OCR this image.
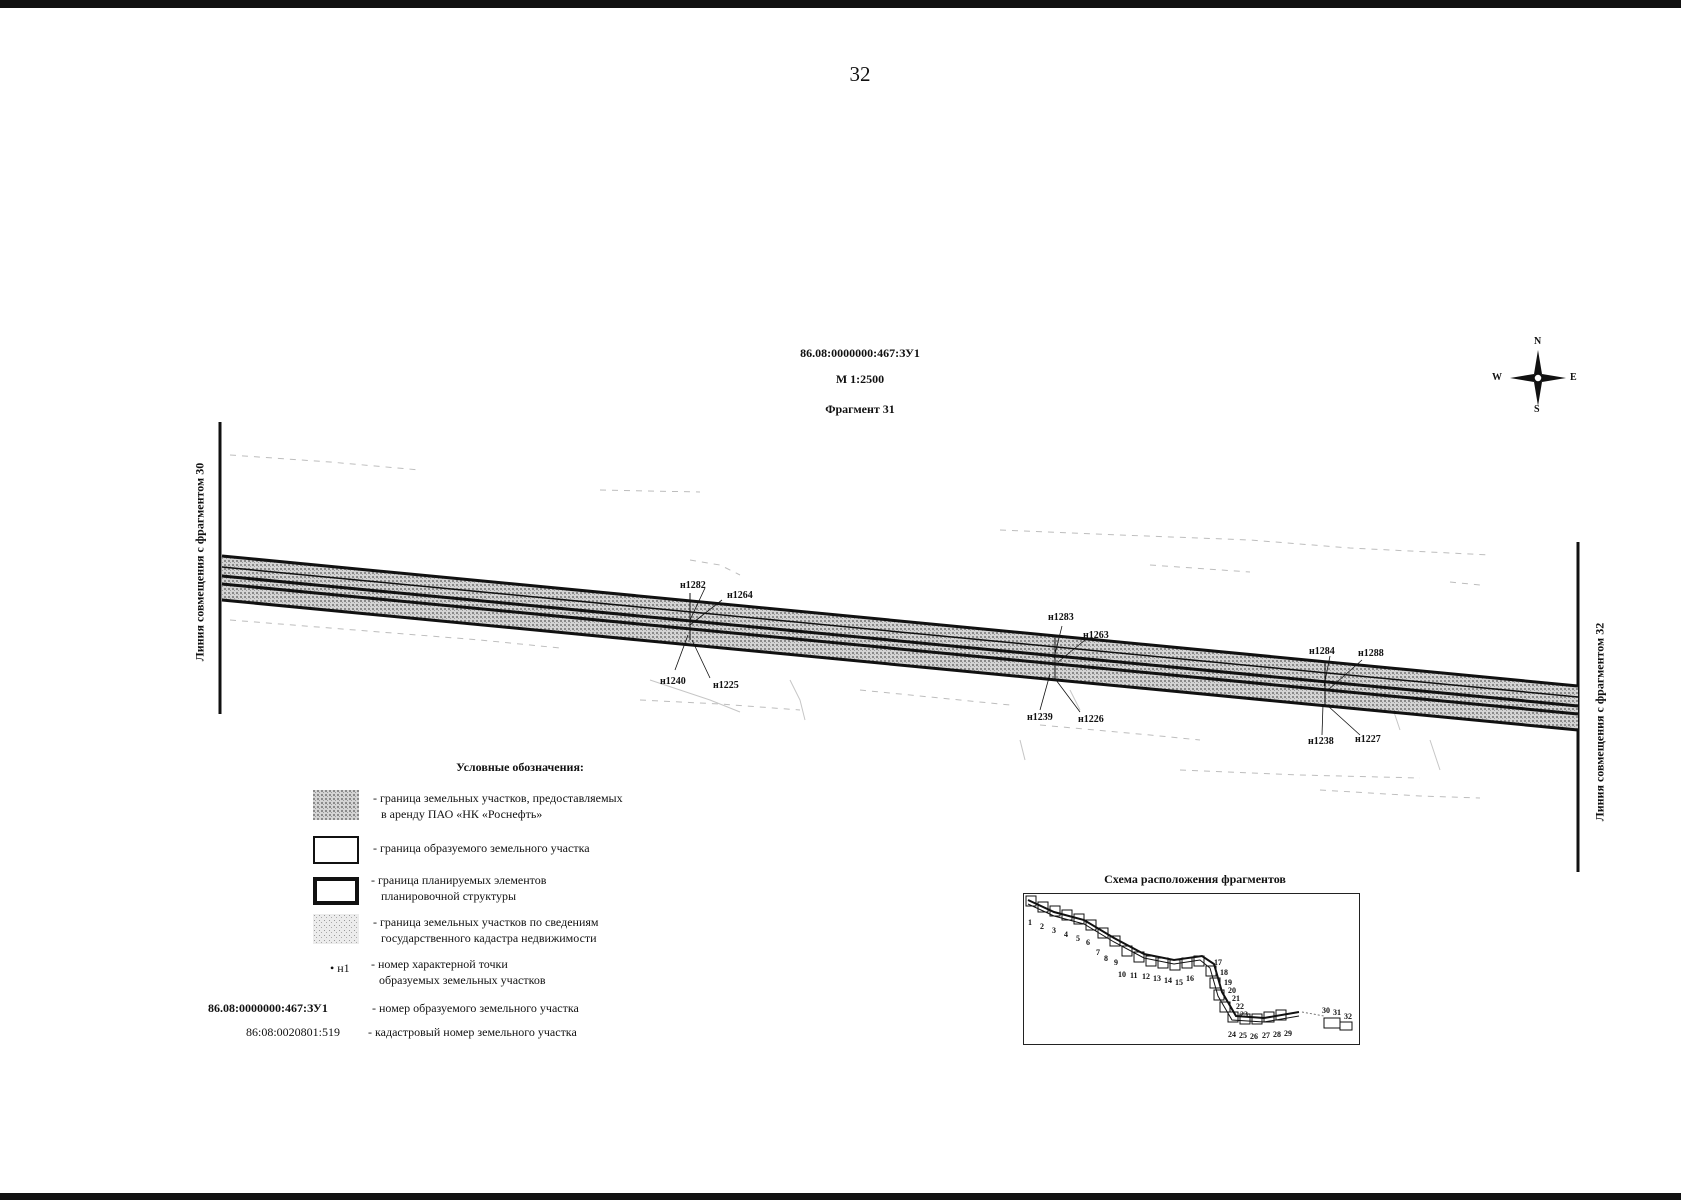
32
86.08:0000000:467:ЗУ1
М 1:2500
Фрагмент 31
N
S
W	E
н1282
н1264
н1240	н1225
н1283
н1263
н1239	н1226
н1284 н1288
н1238 н1227
Линия совмещения с фрагментом 30
Линия совмещения с фрагментом 32
Условные обозначения:
- граница земельных участков, предоставляемых
в аренду ПАО «НК «Роснефть»
- граница образуемого земельного участка
- граница планируемых элементов
планировочной структуры
- граница земельных участков по сведениям
государственного кадастра недвижимости
• н1 - номер характерной точки
образуемых земельных участков
86.08:0000000:467:ЗУ1	- номер образуемого земельного участка
86:08:0020801:519 - кадастровый номер земельного участка
Схема расположения фрагментов
1 2 3 4 5 6
7
8 9
10 11 12 13 14 15 16
17
18
19
20
21
22
23
24 25 26 27 28 29
30 31 32
